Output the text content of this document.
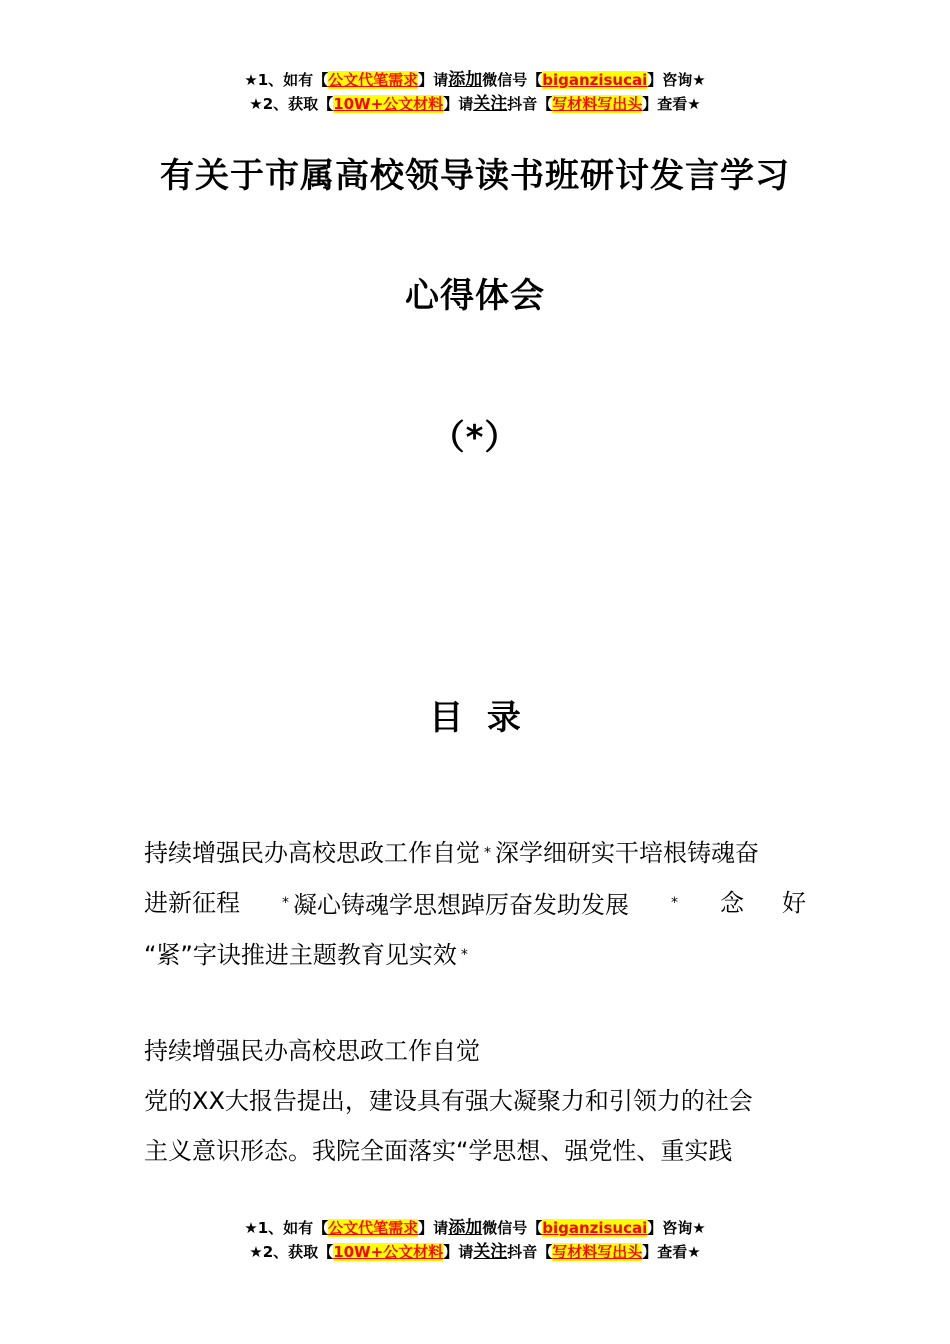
★1、如有【公文代笔需求】请添加微信号【biganzisucai】咨询★
★2、获取【10W+公文材料】请关注抖音【写材料写出头】查看★
有关于市属高校领导读书班研讨发言学习
心得体会
（*）
目 录
持续增强民办高校思政工作自觉 * 深学细研实干培根铸魂奋
进新征程	* 凝心铸魂学思想踔厉奋发助发展	* 念 好
“紧”字诀推进主题教育见实效 *
持续增强民办高校思政工作自觉
党的XX大报告提出，建设具有强大凝聚力和引领力的社会
主义意识形态。我院全面落实“学思想、强党性、重实践
★1、如有【公文代笔需求】请添加微信号【biganzisucai】咨询★
★2、获取【10W+公文材料】请关注抖音【写材料写出头】查看★
